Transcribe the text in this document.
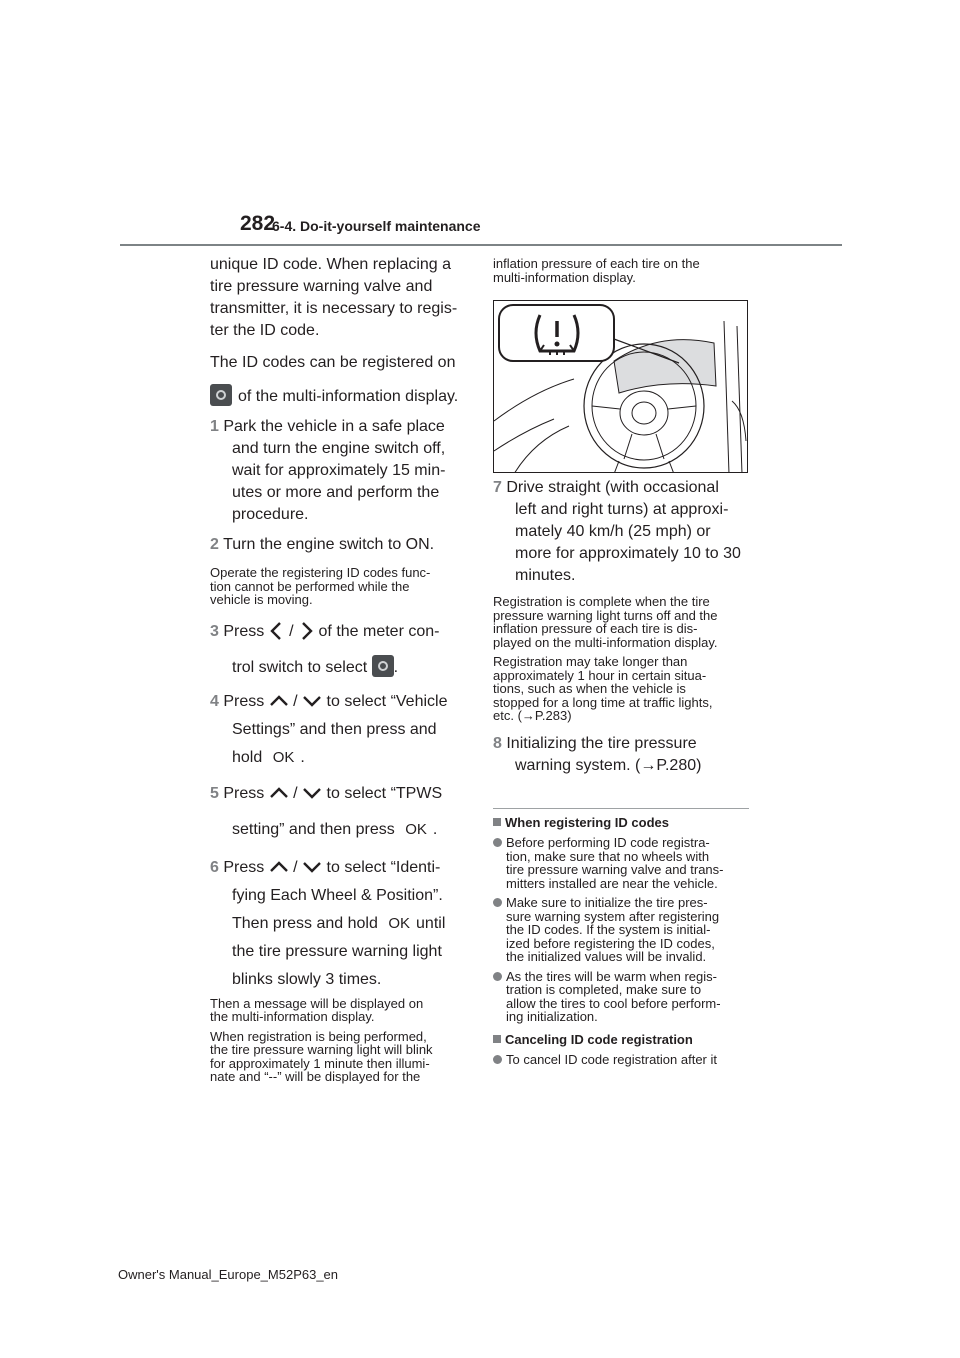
282
6-4. Do-it-yourself maintenance

unique ID code. When replacing a
tire pressure warning valve and
transmitter, it is necessary to regis-
ter the ID code.

The ID codes can be registered on
of the multi-information display.

1 Park the vehicle in a safe place
and turn the engine switch off,
wait for approximately 15 min-
utes or more and perform the
procedure.

2 Turn the engine switch to ON.

Operate the registering ID codes func-
tion cannot be performed while the
vehicle is moving.

3 Press / of the meter con-
trol switch to select .

4 Press / to select “Vehicle
Settings” and then press and
hold OK .

5 Press / to select “TPWS
setting” and then press OK .

6 Press / to select “Identi-
fying Each Wheel & Position”.
Then press and hold OK until
the tire pressure warning light
blinks slowly 3 times.

Then a message will be displayed on
the multi-information display.

When registration is being performed,
the tire pressure warning light will blink
for approximately 1 minute then illumi-
nate and “--” will be displayed for the

inflation pressure of each tire on the
multi-information display.

7 Drive straight (with occasional
left and right turns) at approxi-
mately 40 km/h (25 mph) or
more for approximately 10 to 30
minutes.

Registration is complete when the tire
pressure warning light turns off and the
inflation pressure of each tire is dis-
played on the multi-information display.

Registration may take longer than
approximately 1 hour in certain situa-
tions, such as when the vehicle is
stopped for a long time at traffic lights,
etc. (→P.283)

8 Initializing the tire pressure
warning system. (→P.280)

When registering ID codes

Before performing ID code registra-
tion, make sure that no wheels with
tire pressure warning valve and trans-
mitters installed are near the vehicle.

Make sure to initialize the tire pres-
sure warning system after registering
the ID codes. If the system is initial-
ized before registering the ID codes,
the initialized values will be invalid.

As the tires will be warm when regis-
tration is completed, make sure to
allow the tires to cool before perform-
ing initialization.

Canceling ID code registration

To cancel ID code registration after it

Owner's Manual_Europe_M52P63_en
